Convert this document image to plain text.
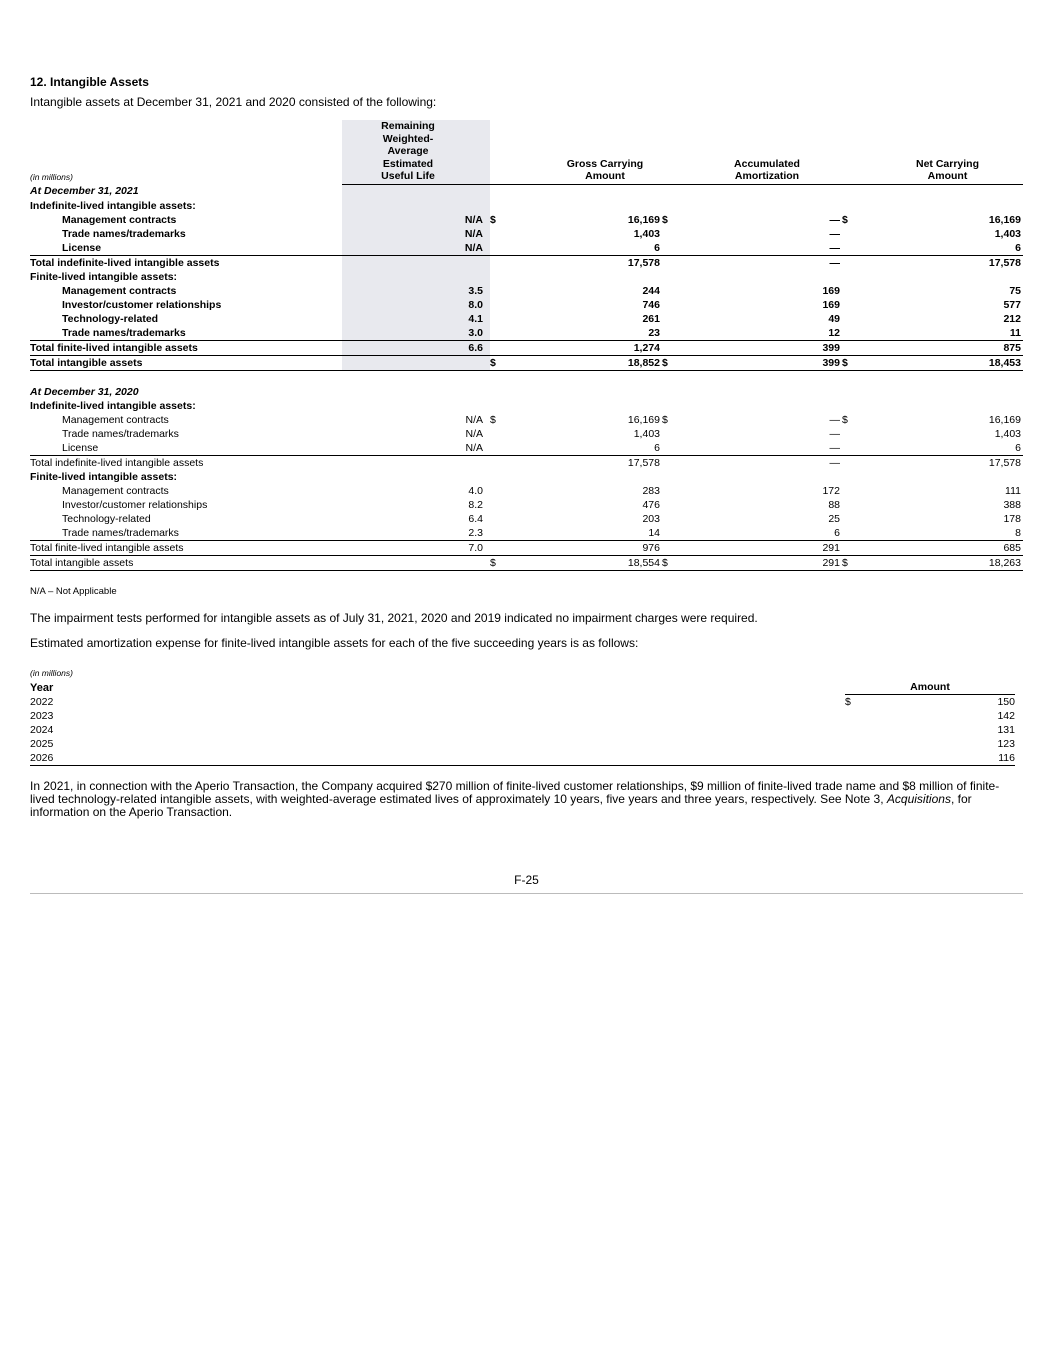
12. Intangible Assets
Intangible assets at December 31, 2021 and 2020 consisted of the following:
(in millions)	Remaining Weighted- Average Estimated Useful Life		Gross Carrying Amount		Accumulated Amortization		Net Carrying Amount

At December 31, 2021							
Indefinite-lived intangible assets:							
Management contracts	N/A	$	16,169	$	—	$	16,169
Trade names/trademarks	N/A		1,403		—		1,403
License	N/A		6		—		6
Total indefinite-lived intangible assets			17,578		—		17,578
Finite-lived intangible assets:							
Management contracts	3.5		244		169		75
Investor/customer relationships	8.0		746		169		577
Technology-related	4.1		261		49		212
Trade names/trademarks	3.0		23		12		11
Total finite-lived intangible assets	6.6		1,274		399		875
Total intangible assets		$	18,852	$	399	$	18,453

At December 31, 2020							
Indefinite-lived intangible assets:							
Management contracts	N/A	$	16,169	$	—	$	16,169
Trade names/trademarks	N/A		1,403		—		1,403
License	N/A		6		—		6
Total indefinite-lived intangible assets			17,578		—		17,578
Finite-lived intangible assets:							
Management contracts	4.0		283		172		111
Investor/customer relationships	8.2		476		88		388
Technology-related	6.4		203		25		178
Trade names/trademarks	2.3		14		6		8
Total finite-lived intangible assets	7.0		976		291		685
Total intangible assets		$	18,554	$	291	$	18,263
N/A – Not Applicable
The impairment tests performed for intangible assets as of July 31, 2021, 2020 and 2019 indicated no impairment charges were required.
Estimated amortization expense for finite-lived intangible assets for each of the five succeeding years is as follows:
(in millions)
Year	Amount	
2022	$	150
2023		142
2024		131
2025		123
2026		116
In 2021, in connection with the Aperio Transaction, the Company acquired $270 million of finite-lived customer relationships, $9 million of finite-lived trade name and $8 million of finite-lived technology-related intangible assets, with weighted-average estimated lives of approximately 10 years, five years and three years, respectively. See Note 3, Acquisitions, for information on the Aperio Transaction.
F-25
